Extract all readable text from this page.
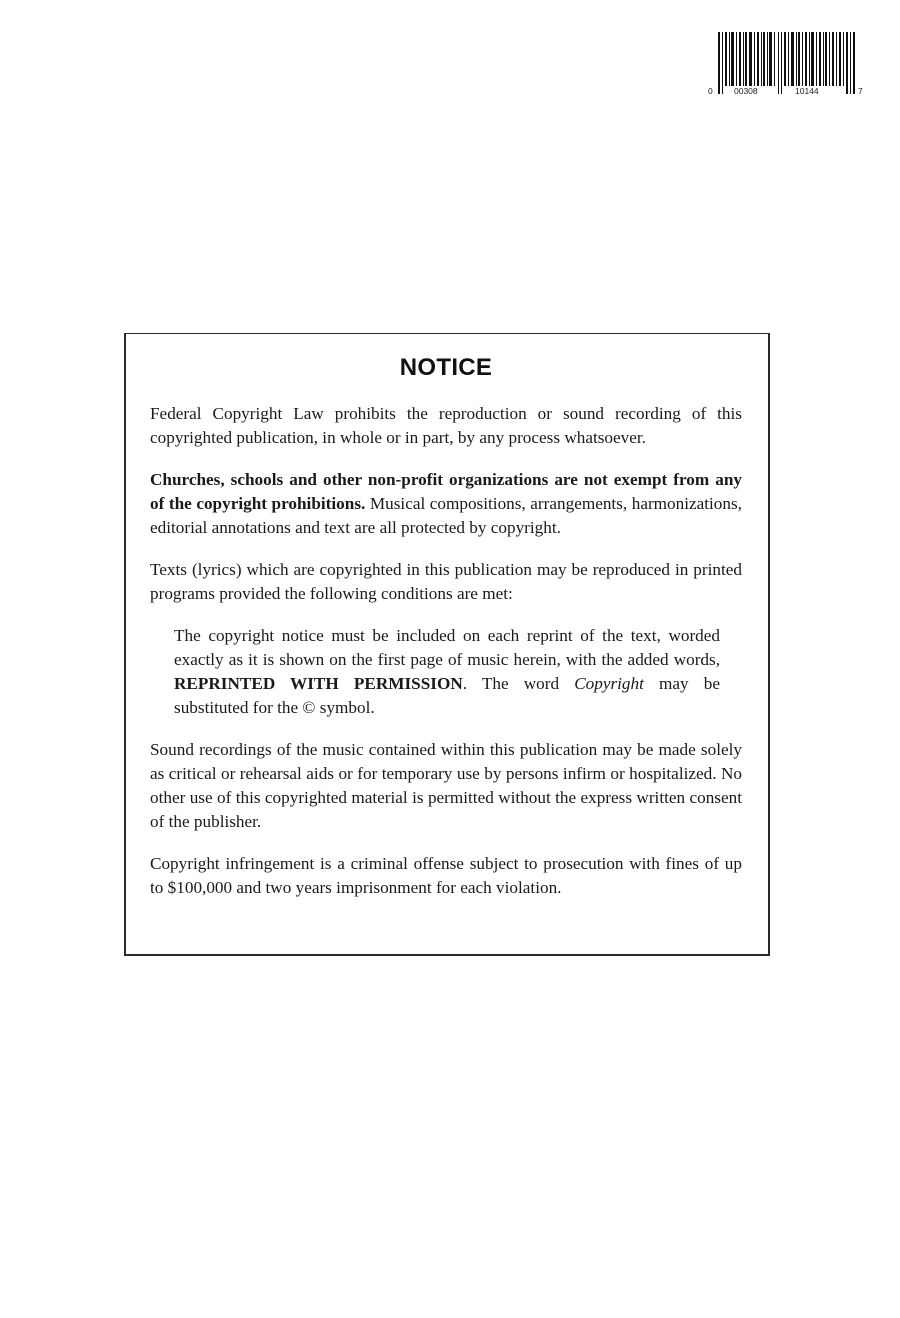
0	00308	10144	7
NOTICE

Federal Copyright Law prohibits the reproduction or sound recording of this copyrighted publication, in whole or in part, by any process whatsoever.

Churches, schools and other non-profit organizations are not exempt from any of the copyright prohibitions. Musical compositions, arrangements, harmonizations, editorial annotations and text are all protected by copyright.

Texts (lyrics) which are copyrighted in this publication may be reproduced in printed programs provided the following conditions are met:

The copyright notice must be included on each reprint of the text, worded exactly as it is shown on the first page of music herein, with the added words, REPRINTED WITH PERMISSION. The word Copyright may be substituted for the © symbol.

Sound recordings of the music contained within this publication may be made solely as critical or rehearsal aids or for temporary use by persons infirm or hospitalized. No other use of this copyrighted material is permitted without the express written consent of the publisher.

Copyright infringement is a criminal offense subject to prosecution with fines of up to $100,000 and two years imprisonment for each violation.
